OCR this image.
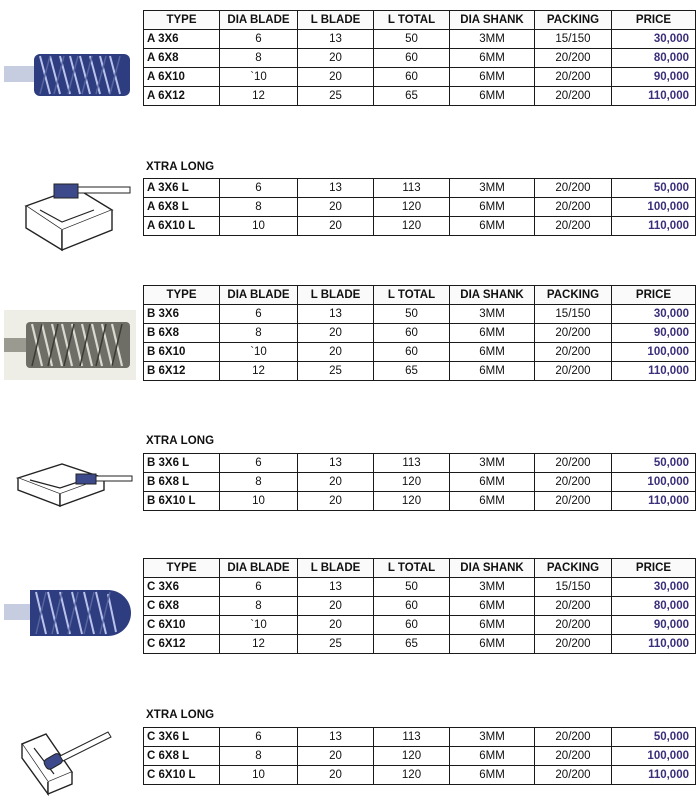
TYPE	DIA BLADE	L BLADE	L TOTAL	DIA SHANK	PACKING	PRICE
A 3X6	6	13	50	3MM	15/150	30,000
A 6X8	8	20	60	6MM	20/200	80,000
A 6X10	`10	20	60	6MM	20/200	90,000
A 6X12	12	25	65	6MM	20/200	110,000
XTRA LONG
A 3X6 L	6	13	113	3MM	20/200	50,000
A 6X8 L	8	20	120	6MM	20/200	100,000
A 6X10 L	10	20	120	6MM	20/200	110,000
TYPE	DIA BLADE	L BLADE	L TOTAL	DIA SHANK	PACKING	PRICE
B 3X6	6	13	50	3MM	15/150	30,000
B 6X8	8	20	60	6MM	20/200	90,000
B 6X10	`10	20	60	6MM	20/200	100,000
B 6X12	12	25	65	6MM	20/200	110,000
XTRA LONG
B 3X6 L	6	13	113	3MM	20/200	50,000
B 6X8 L	8	20	120	6MM	20/200	100,000
B 6X10 L	10	20	120	6MM	20/200	110,000
TYPE	DIA BLADE	L BLADE	L TOTAL	DIA SHANK	PACKING	PRICE
C 3X6	6	13	50	3MM	15/150	30,000
C 6X8	8	20	60	6MM	20/200	80,000
C 6X10	`10	20	60	6MM	20/200	90,000
C 6X12	12	25	65	6MM	20/200	110,000
XTRA LONG
C 3X6 L	6	13	113	3MM	20/200	50,000
C 6X8 L	8	20	120	6MM	20/200	100,000
C 6X10 L	10	20	120	6MM	20/200	110,000
